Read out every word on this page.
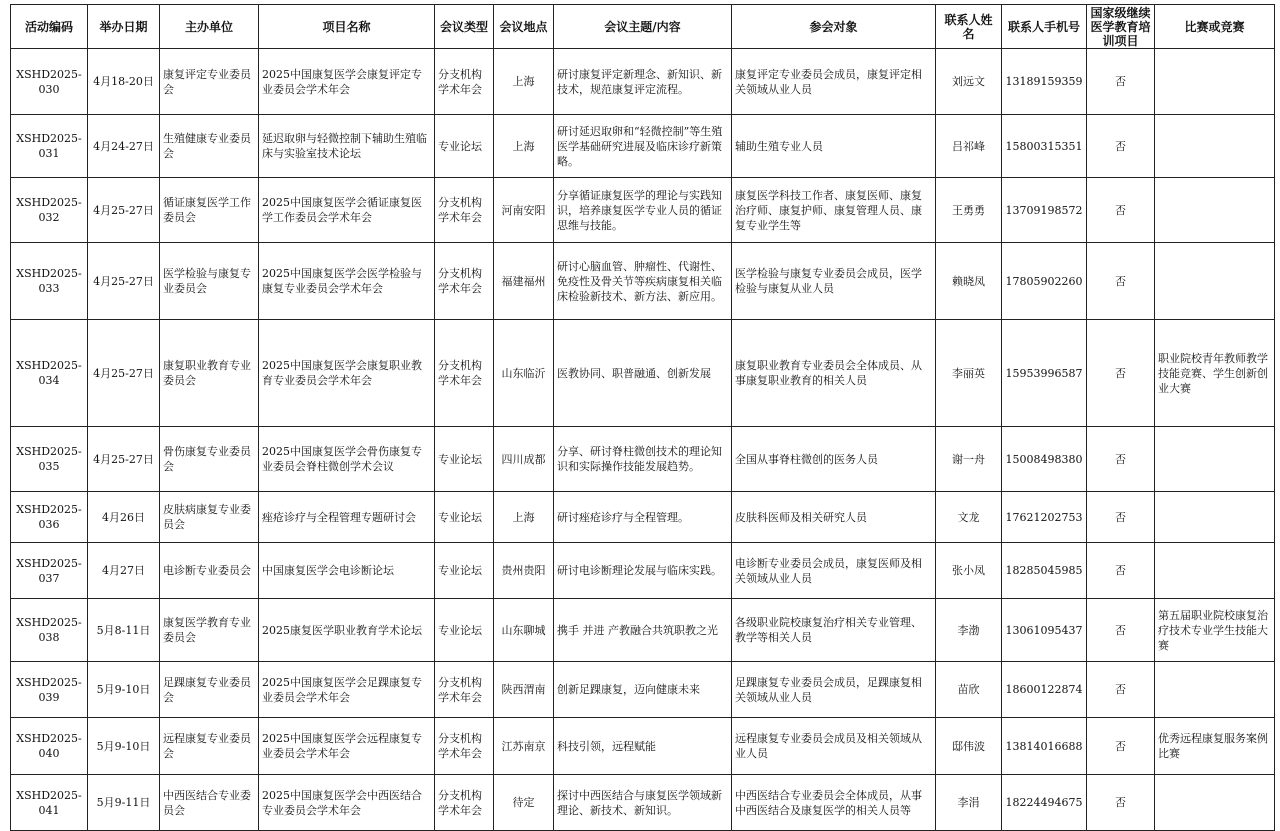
活动编码	举办日期	主办单位	项目名称	会议类型	会议地点	会议主题/内容	参会对象	联系人姓名	联系人手机号	国家级继续医学教育培训项目	比赛或竞赛
XSHD2025-030	4月18-20日	康复评定专业委员会	2025中国康复医学会康复评定专业委员会学术年会	分支机构学术年会	上海	研讨康复评定新理念、新知识、新技术，规范康复评定流程。	康复评定专业委员会成员，康复评定相关领域从业人员	刘远文	13189159359	否	
XSHD2025-031	4月24-27日	生殖健康专业委员会	延迟取卵与轻微控制下辅助生殖临床与实验室技术论坛	专业论坛	上海	研讨延迟取卵和“轻微控制”等生殖医学基础研究进展及临床诊疗新策略。	辅助生殖专业人员	吕祁峰	15800315351	否	
XSHD2025-032	4月25-27日	循证康复医学工作委员会	2025中国康复医学会循证康复医学工作委员会学术年会	分支机构学术年会	河南安阳	分享循证康复医学的理论与实践知识，培养康复医学专业人员的循证思维与技能。	康复医学科技工作者、康复医师、康复治疗师、康复护师、康复管理人员、康复专业学生等	王勇勇	13709198572	否	
XSHD2025-033	4月25-27日	医学检验与康复专业委员会	2025中国康复医学会医学检验与康复专业委员会学术年会	分支机构学术年会	福建福州	研讨心脑血管、肿瘤性、代谢性、免疫性及骨关节等疾病康复相关临床检验新技术、新方法、新应用。	医学检验与康复专业委员会成员，医学检验与康复从业人员	赖晓凤	17805902260	否	
XSHD2025-034	4月25-27日	康复职业教育专业委员会	2025中国康复医学会康复职业教育专业委员会学术年会	分支机构学术年会	山东临沂	医教协同、职普融通、创新发展	康复职业教育专业委员会全体成员、从事康复职业教育的相关人员	李丽英	15953996587	否	职业院校青年教师教学技能竞赛、学生创新创业大赛
XSHD2025-035	4月25-27日	骨伤康复专业委员会	2025中国康复医学会骨伤康复专业委员会脊柱微创学术会议	专业论坛	四川成都	分享、研讨脊柱微创技术的理论知识和实际操作技能发展趋势。	全国从事脊柱微创的医务人员	谢一舟	15008498380	否	
XSHD2025-036	4月26日	皮肤病康复专业委员会	痤疮诊疗与全程管理专题研讨会	专业论坛	上海	研讨痤疮诊疗与全程管理。	皮肤科医师及相关研究人员	文龙	17621202753	否	
XSHD2025-037	4月27日	电诊断专业委员会	中国康复医学会电诊断论坛	专业论坛	贵州贵阳	研讨电诊断理论发展与临床实践。	电诊断专业委员会成员，康复医师及相关领域从业人员	张小凤	18285045985	否	
XSHD2025-038	5月8-11日	康复医学教育专业委员会	2025康复医学职业教育学术论坛	专业论坛	山东聊城	携手 并进 产教融合共筑职教之光	各级职业院校康复治疗相关专业管理、教学等相关人员	李渤	13061095437	否	第五届职业院校康复治疗技术专业学生技能大赛
XSHD2025-039	5月9-10日	足踝康复专业委员会	2025中国康复医学会足踝康复专业委员会学术年会	分支机构学术年会	陕西渭南	创新足踝康复，迈向健康未来	足踝康复专业委员会成员，足踝康复相关领域从业人员	苗欣	18600122874	否	
XSHD2025-040	5月9-10日	远程康复专业委员会	2025中国康复医学会远程康复专业委员会学术年会	分支机构学术年会	江苏南京	科技引领，远程赋能	远程康复专业委员会成员及相关领域从业人员	邸伟波	13814016688	否	优秀远程康复服务案例比赛
XSHD2025-041	5月9-11日	中西医结合专业委员会	2025中国康复医学会中西医结合专业委员会学术年会	分支机构学术年会	待定	探讨中西医结合与康复医学领域新理论、新技术、新知识。	中西医结合专业委员会全体成员，从事中西医结合及康复医学的相关人员等	李涓	18224494675	否	
